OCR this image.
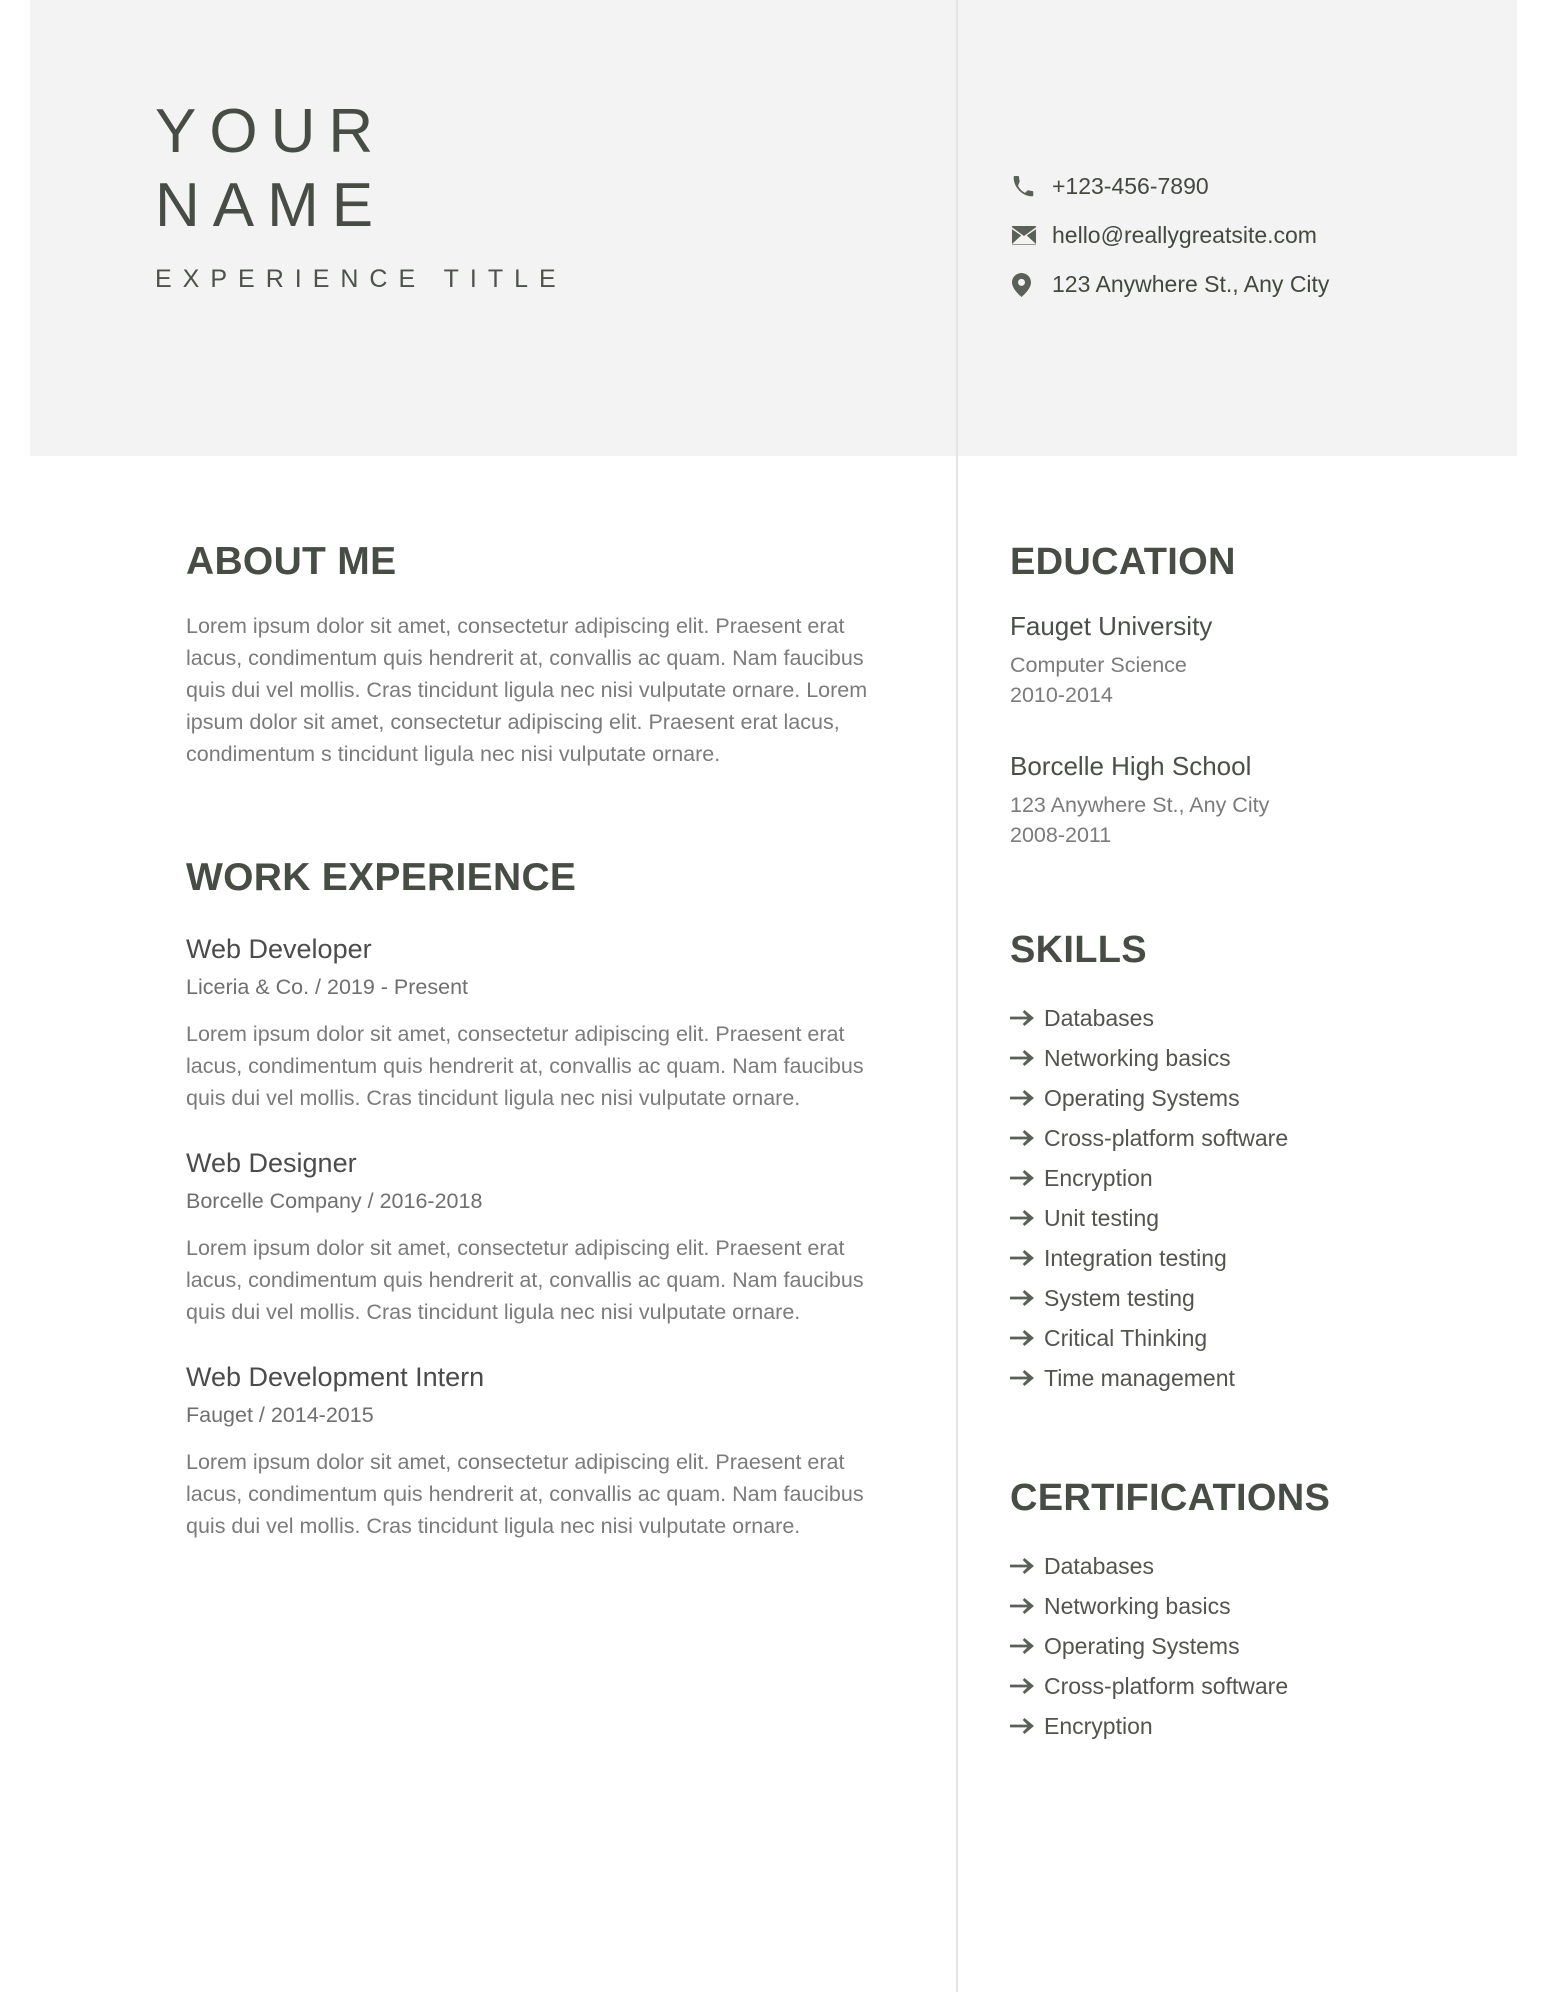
YOUR
NAME
EXPERIENCE TITLE
+123-456-7890
hello@reallygreatsite.com
123 Anywhere St., Any City
ABOUT ME
Lorem ipsum dolor sit amet, consectetur adipiscing elit. Praesent erat lacus, condimentum quis hendrerit at, convallis ac quam. Nam faucibus quis dui vel mollis. Cras tincidunt ligula nec nisi vulputate ornare. Lorem ipsum dolor sit amet, consectetur adipiscing elit. Praesent erat lacus, condimentum s tincidunt ligula nec nisi vulputate ornare.
WORK EXPERIENCE
Web Developer
Liceria & Co. / 2019 - Present
Lorem ipsum dolor sit amet, consectetur adipiscing elit. Praesent erat lacus, condimentum quis hendrerit at, convallis ac quam. Nam faucibus quis dui vel mollis. Cras tincidunt ligula nec nisi vulputate ornare.
Web Designer
Borcelle Company / 2016-2018
Lorem ipsum dolor sit amet, consectetur adipiscing elit. Praesent erat lacus, condimentum quis hendrerit at, convallis ac quam. Nam faucibus quis dui vel mollis. Cras tincidunt ligula nec nisi vulputate ornare.
Web Development Intern
Fauget / 2014-2015
Lorem ipsum dolor sit amet, consectetur adipiscing elit. Praesent erat lacus, condimentum quis hendrerit at, convallis ac quam. Nam faucibus quis dui vel mollis. Cras tincidunt ligula nec nisi vulputate ornare.
EDUCATION
Fauget University
Computer Science
2010-2014
Borcelle High School
123 Anywhere St., Any City
2008-2011
SKILLS
Databases
Networking basics
Operating Systems
Cross-platform software
Encryption
Unit testing
Integration testing
System testing
Critical Thinking
Time management
CERTIFICATIONS
Databases
Networking basics
Operating Systems
Cross-platform software
Encryption
